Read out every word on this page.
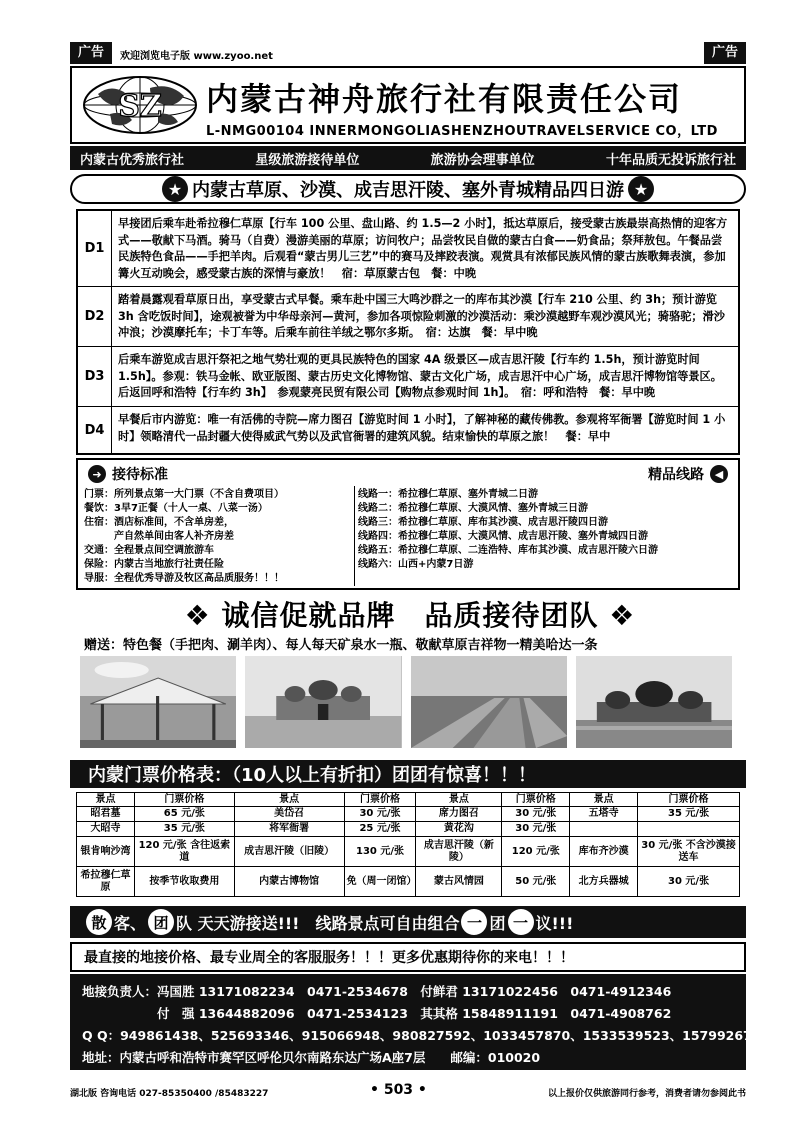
广告	欢迎浏览电子版 www.zyoo.net	广告
SZ 内蒙古神舟旅行社有限责任公司
L-NMG00104 INNERMONGOLIASHENZHOUTRAVELSERVICE CO，LTD
内蒙古优秀旅行社	星级旅游接待单位	旅游协会理事单位	十年品质无投诉旅行社
★ 内蒙古草原、沙漠、成吉思汗陵、塞外青城精品四日游 ★
D1
早接团后乘车赴希拉穆仁草原【行车 100 公里、盘山路、约 1.5—2 小时】，抵达草原后，接受蒙古族最崇高热情的迎客方式——敬献下马酒。骑马（自费）漫游美丽的草原；访问牧户；品尝牧民自做的蒙古白食——奶食品；祭拜敖包。午餐品尝民族特色食品——手把羊肉。后观看“蒙古男儿三艺”中的赛马及摔跤表演。观赏具有浓郁民族风情的蒙古族歌舞表演，参加篝火互动晚会，感受蒙古族的深情与豪放！　宿：草原蒙古包　餐：中晚
D2
踏着晨露观看草原日出，享受蒙古式早餐。乘车赴中国三大鸣沙群之一的库布其沙漠【行车 210 公里、约 3h；预计游览 3h 含吃饭时间】，途观被誉为中华母亲河—黄河，参加各项惊险刺激的沙漠活动：乘沙漠越野车观沙漠风光；骑骆驼；滑沙冲浪；沙漠摩托车；卡丁车等。后乘车前往羊绒之鄂尔多斯。　宿：达旗　餐：早中晚
D3
后乘车游览成吉思汗祭祀之地气势壮观的更具民族特色的国家 4A 级景区—成吉思汗陵【行车约 1.5h，预计游览时间 1.5h】。参观：铁马金帐、欧亚版图、蒙古历史文化博物馆、蒙古文化广场，成吉思汗中心广场，成吉思汗博物馆等景区。后返回呼和浩特【行车约 3h】　参观蒙亮民贸有限公司【购物点参观时间 1h】。　宿：呼和浩特　餐：早中晚
D4
早餐后市内游览：唯一有活佛的寺院—席力图召【游览时间 1 小时】，了解神秘的藏传佛教。参观将军衙署【游览时间 1 小时】领略清代一品封疆大使得威武气势以及武官衙署的建筑风貌。结束愉快的草原之旅！　餐：早中
➜ 接待标准	精品线路 ◀
门票：所列景点第一大门票（不含自费项目）
餐饮：3早7正餐（十人一桌、八菜一汤）
住宿：酒店标准间，不含单房差，
　　　产自然单间由客人补齐房差
交通：全程景点间空调旅游车
保险：内蒙古当地旅行社责任险
导服：全程优秀导游及牧区高品质服务！！！
线路一：希拉穆仁草原、塞外青城二日游
线路二：希拉穆仁草原、大漠风情、塞外青城三日游
线路三：希拉穆仁草原、库布其沙漠、成吉思汗陵四日游
线路四：希拉穆仁草原、大漠风情、成吉思汗陵、塞外青城四日游
线路五：希拉穆仁草原、二连浩特、库布其沙漠、成吉思汗陵六日游
线路六：山西+内蒙7日游
❖ 诚信促就品牌　品质接待团队 ❖
赠送：特色餐（手把肉、涮羊肉）、每人每天矿泉水一瓶、敬献草原吉祥物一精美哈达一条
内蒙门票价格表：（10人以上有折扣）团团有惊喜！！！
景点	门票价格	景点	门票价格	景点	门票价格	景点	门票价格
昭君墓	65 元/张	美岱召	30 元/张	席力图召	30 元/张	五塔寺	35 元/张
大昭寺	35 元/张	将军衙署	25 元/张	黄花沟	30 元/张		
银肯响沙湾	120 元/张 含往返索道	成吉思汗陵（旧陵）	130 元/张	成吉思汗陵（新陵）	120 元/张	库布齐沙漠	30 元/张 不含沙漠接送车
希拉穆仁草原	按季节收取费用	内蒙古博物馆	免（周一闭馆）	蒙古风情园	50 元/张	北方兵器城	30 元/张
散 客、 团 队 天天游接送!!!　线路景点可自由组合 一 团 一 议!!!
最直接的地接价格、最专业周全的客服服务！！！更多优惠期待你的来电！！！
地接负责人：冯国胜 13171082234　0471-2534678　付鲜君 13171022456　0471-4912346
　　　　　　付　强 13644882096　0471-2534123　其其格 15848911191　0471-4908762
Q Q：949861438、525693346、915066948、980827592、1033457870、1533539523、1579926794
地址：内蒙古呼和浩特市赛罕区呼伦贝尔南路东达广场A座7层　　邮编：010020
湖北版 咨询电话 027-85350400 /85483227	• 503 •	以上报价仅供旅游同行参考，消费者请勿参阅此书
